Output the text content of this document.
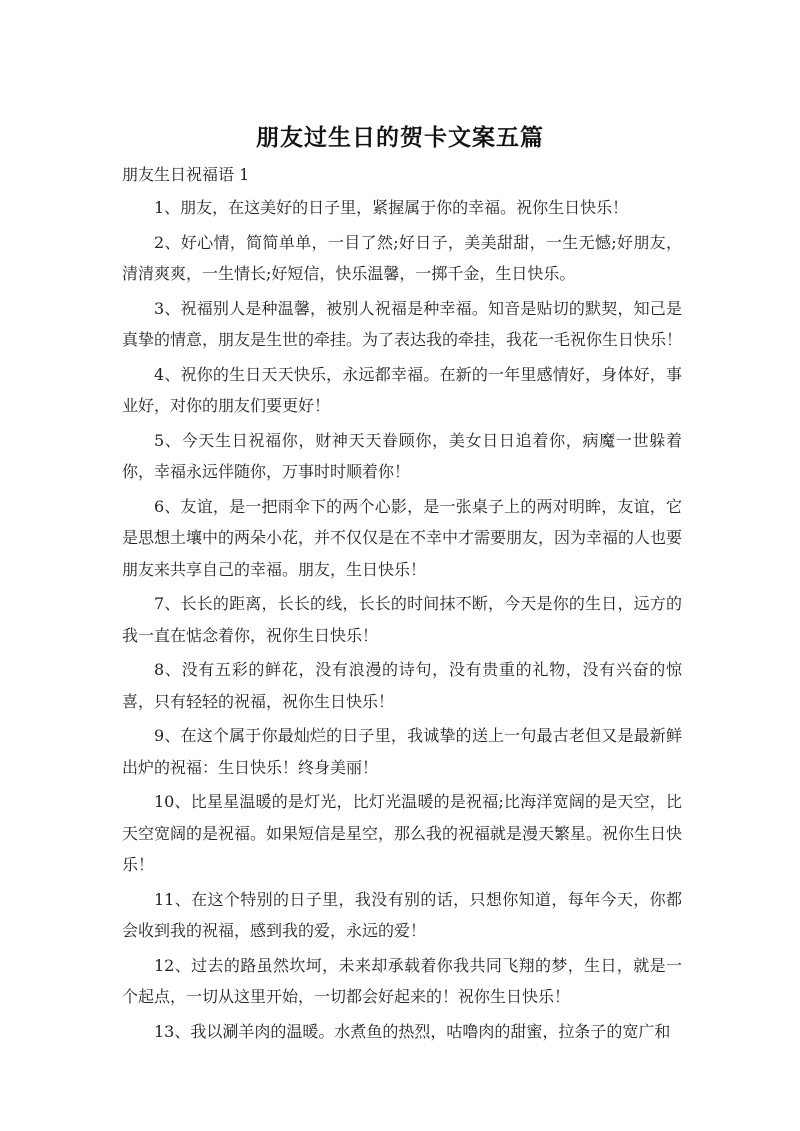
朋友过生日的贺卡文案五篇
朋友生日祝福语 1

1、朋友，在这美好的日子里，紧握属于你的幸福。祝你生日快乐！

2、好心情，简简单单，一目了然;好日子，美美甜甜，一生无憾;好朋友，清清爽爽，一生情长;好短信，快乐温馨，一掷千金，生日快乐。

3、祝福别人是种温馨，被别人祝福是种幸福。知音是贴切的默契，知己是真挚的情意，朋友是生世的牵挂。为了表达我的牵挂，我花一毛祝你生日快乐！

4、祝你的生日天天快乐，永远都幸福。在新的一年里感情好，身体好，事业好，对你的朋友们要更好！

5、今天生日祝福你，财神天天眷顾你，美女日日追着你，病魔一世躲着你，幸福永远伴随你，万事时时顺着你！

6、友谊，是一把雨伞下的两个心影，是一张桌子上的两对明眸，友谊，它是思想土壤中的两朵小花，并不仅仅是在不幸中才需要朋友，因为幸福的人也要朋友来共享自己的幸福。朋友，生日快乐！

7、长长的距离，长长的线，长长的时间抹不断，今天是你的生日，远方的我一直在惦念着你，祝你生日快乐！

8、没有五彩的鲜花，没有浪漫的诗句，没有贵重的礼物，没有兴奋的惊喜，只有轻轻的祝福，祝你生日快乐！

9、在这个属于你最灿烂的日子里，我诚挚的送上一句最古老但又是最新鲜出炉的祝福：生日快乐！终身美丽！

10、比星星温暖的是灯光，比灯光温暖的是祝福;比海洋宽阔的是天空，比天空宽阔的是祝福。如果短信是星空，那么我的祝福就是漫天繁星。祝你生日快乐！

11、在这个特别的日子里，我没有别的话，只想你知道，每年今天，你都会收到我的祝福，感到我的爱，永远的爱！

12、过去的路虽然坎坷，未来却承载着你我共同飞翔的梦，生日，就是一个起点，一切从这里开始，一切都会好起来的！祝你生日快乐！

13、我以涮羊肉的温暖。水煮鱼的热烈，咕噜肉的甜蜜，拉条子的宽广和
